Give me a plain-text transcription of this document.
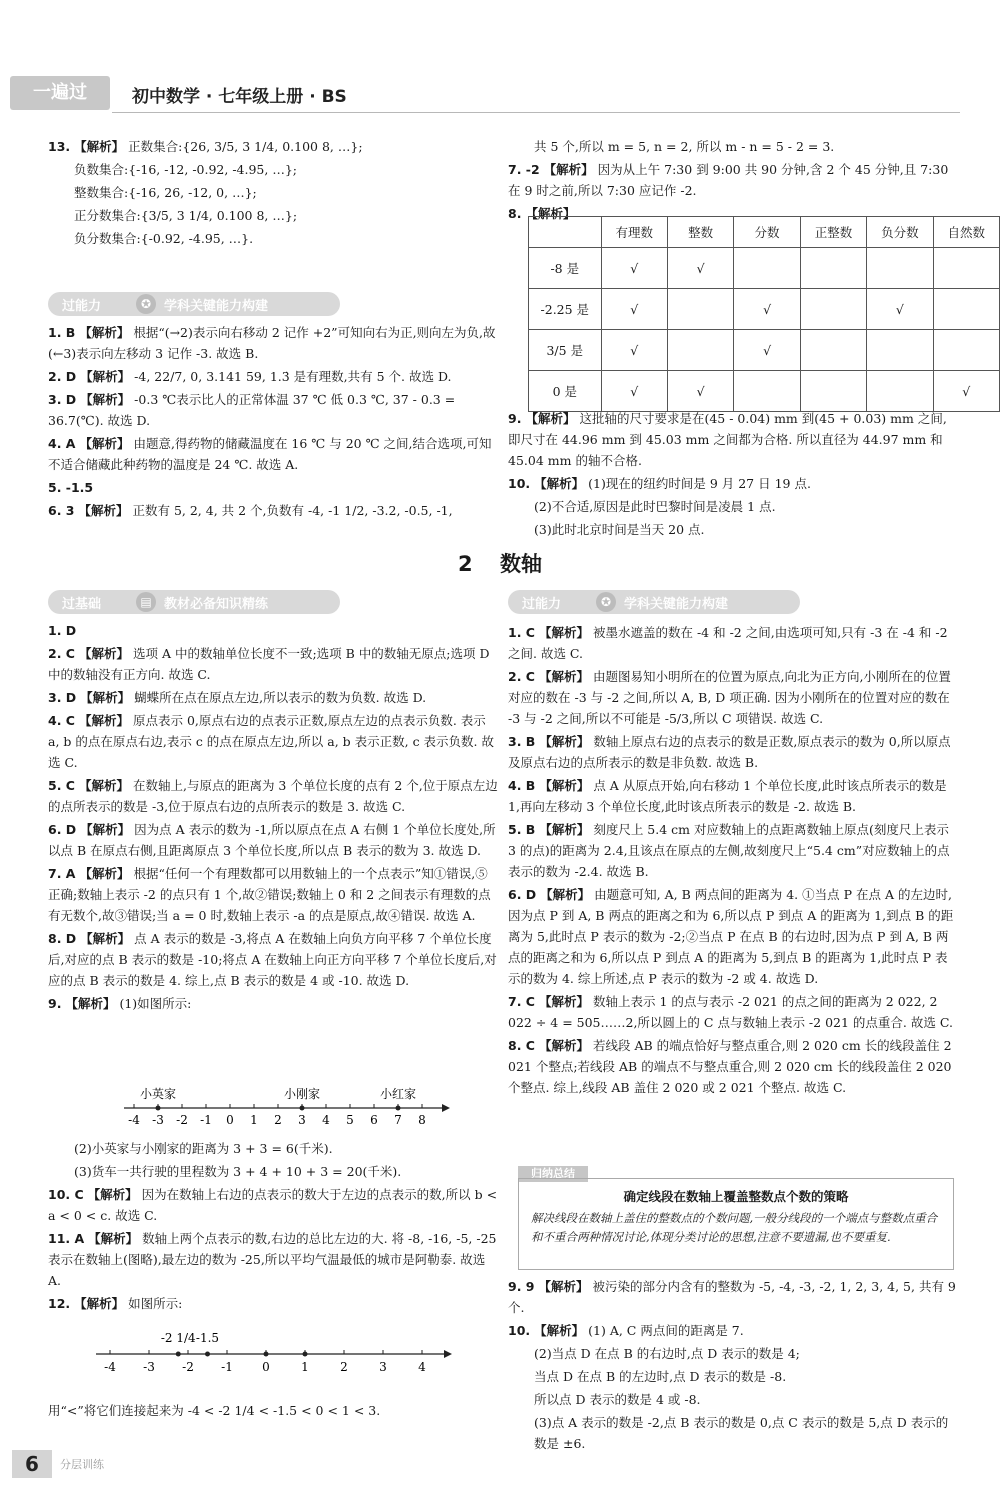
一遍过	初中数学 · 七年级上册 · BS
13. 【解析】 正数集合:{26, 3/5, 3 1/4, 0.100 8, …};
负数集合:{-16, -12, -0.92, -4.95̇, …};
整数集合:{-16, 26, -12, 0, …};
正分数集合:{3/5, 3 1/4, 0.100 8, …};
负分数集合:{-0.92, -4.95̇, …}.
过能力	✪ 学科关键能力构建
1. B 【解析】 根据“(→2)表示向右移动 2 记作 +2”可知向右为正,则向左为负,故(←3)表示向左移动 3 记作 -3. 故选 B.
2. D 【解析】 -4, 22/7, 0, 3.141 59, 1.3̇ 是有理数,共有 5 个. 故选 D.
3. D 【解析】 -0.3 ℃表示比人的正常体温 37 ℃ 低 0.3 ℃, 37 - 0.3 = 36.7(℃). 故选 D.
4. A 【解析】 由题意,得药物的储藏温度在 16 ℃ 与 20 ℃ 之间,结合选项,可知不适合储藏此种药物的温度是 24 ℃. 故选 A.
5. -1.5
6. 3 【解析】 正数有 5, 2, 4, 共 2 个,负数有 -4, -1 1/2, -3.2, -0.5, -1,
共 5 个,所以 m = 5, n = 2, 所以 m - n = 5 - 2 = 3.
7. -2 【解析】 因为从上午 7:30 到 9:00 共 90 分钟,含 2 个 45 分钟,且 7:30 在 9 时之前,所以 7:30 应记作 -2.
8. 【解析】
	有理数	整数	分数	正整数	负分数	自然数
-8 是	√	√				
-2.25 是	√		√		√	
3/5 是	√		√			
0 是	√	√				√
9. 【解析】 这批轴的尺寸要求是在(45 - 0.04) mm 到(45 + 0.03) mm 之间,即尺寸在 44.96 mm 到 45.03 mm 之间都为合格. 所以直径为 44.97 mm 和 45.04 mm 的轴不合格.
10. 【解析】 (1)现在的纽约时间是 9 月 27 日 19 点.
(2)不合适,原因是此时巴黎时间是凌晨 1 点.
(3)此时北京时间是当天 20 点.
2 数轴
过基础	▤ 教材必备知识精练	过能力	✪ 学科关键能力构建
1. D
2. C 【解析】 选项 A 中的数轴单位长度不一致;选项 B 中的数轴无原点;选项 D 中的数轴没有正方向. 故选 C.
3. D 【解析】 蝴蝶所在点在原点左边,所以表示的数为负数. 故选 D.
4. C 【解析】 原点表示 0,原点右边的点表示正数,原点左边的点表示负数. 表示 a, b 的点在原点右边,表示 c 的点在原点左边,所以 a, b 表示正数, c 表示负数. 故选 C.
5. C 【解析】 在数轴上,与原点的距离为 3 个单位长度的点有 2 个,位于原点左边的点所表示的数是 -3,位于原点右边的点所表示的数是 3. 故选 C.
6. D 【解析】 因为点 A 表示的数为 -1,所以原点在点 A 右侧 1 个单位长度处,所以点 B 在原点右侧,且距离原点 3 个单位长度,所以点 B 表示的数为 3. 故选 D.
7. A 【解析】 根据“任何一个有理数都可以用数轴上的一个点表示”知①错误,⑤正确;数轴上表示 -2 的点只有 1 个,故②错误;数轴上 0 和 2 之间表示有理数的点有无数个,故③错误;当 a = 0 时,数轴上表示 -a 的点是原点,故④错误. 故选 A.
8. D 【解析】 点 A 表示的数是 -3,将点 A 在数轴上向负方向平移 7 个单位长度后,对应的点 B 表示的数是 -10;将点 A 在数轴上向正方向平移 7 个单位长度后,对应的点 B 表示的数是 4. 综上,点 B 表示的数是 4 或 -10. 故选 D.
9. 【解析】 (1)如图所示:
-4 -3 -2 -1 0 1 2 3 4 5 6 7 8
小英家	小刚家	小红家
(2)小英家与小刚家的距离为 3 + 3 = 6(千米).
(3)货车一共行驶的里程数为 3 + 4 + 10 + 3 = 20(千米).
10. C 【解析】 因为在数轴上右边的点表示的数大于左边的点表示的数,所以 b < a < 0 < c. 故选 C.
11. A 【解析】 数轴上两个点表示的数,右边的总比左边的大. 将 -8, -16, -5, -25 表示在数轴上(图略),最左边的数为 -25,所以平均气温最低的城市是阿勒泰. 故选 A.
12. 【解析】 如图所示:
-4 -3 -2 -1 0	1	2	3	4
-2 1/4 -1.5
用“<”将它们连接起来为 -4 < -2 1/4 < -1.5 < 0 < 1 < 3.
1. C 【解析】 被墨水遮盖的数在 -4 和 -2 之间,由选项可知,只有 -3 在 -4 和 -2 之间. 故选 C.
2. C 【解析】 由题图易知小明所在的位置为原点,向北为正方向,小刚所在的位置对应的数在 -3 与 -2 之间,所以 A, B, D 项正确. 因为小刚所在的位置对应的数在 -3 与 -2 之间,所以不可能是 -5/3,所以 C 项错误. 故选 C.
3. B 【解析】 数轴上原点右边的点表示的数是正数,原点表示的数为 0,所以原点及原点右边的点所表示的数是非负数. 故选 B.
4. B 【解析】 点 A 从原点开始,向右移动 1 个单位长度,此时该点所表示的数是 1,再向左移动 3 个单位长度,此时该点所表示的数是 -2. 故选 B.
5. B 【解析】 刻度尺上 5.4 cm 对应数轴上的点距离数轴上原点(刻度尺上表示 3 的点)的距离为 2.4,且该点在原点的左侧,故刻度尺上“5.4 cm”对应数轴上的点表示的数为 -2.4. 故选 B.
6. D 【解析】 由题意可知, A, B 两点间的距离为 4. ①当点 P 在点 A 的左边时,因为点 P 到 A, B 两点的距离之和为 6,所以点 P 到点 A 的距离为 1,到点 B 的距离为 5,此时点 P 表示的数为 -2;②当点 P 在点 B 的右边时,因为点 P 到 A, B 两点的距离之和为 6,所以点 P 到点 A 的距离为 5,到点 B 的距离为 1,此时点 P 表示的数为 4. 综上所述,点 P 表示的数为 -2 或 4. 故选 D.
7. C 【解析】 数轴上表示 1 的点与表示 -2 021 的点之间的距离为 2 022, 2 022 ÷ 4 = 505……2,所以圆上的 C 点与数轴上表示 -2 021 的点重合. 故选 C.
8. C 【解析】 若线段 AB 的端点恰好与整点重合,则 2 020 cm 长的线段盖住 2 021 个整点;若线段 AB 的端点不与整点重合,则 2 020 cm 长的线段盖住 2 020 个整点. 综上,线段 AB 盖住 2 020 或 2 021 个整点. 故选 C.
归纳总结
确定线段在数轴上覆盖整数点个数的策略
解决线段在数轴上盖住的整数点的个数问题,一般分线段的一个端点与整数点重合和不重合两种情况讨论,体现分类讨论的思想,注意不要遗漏,也不要重复.
9. 9 【解析】 被污染的部分内含有的整数为 -5, -4, -3, -2, 1, 2, 3, 4, 5, 共有 9 个.
10. 【解析】 (1) A, C 两点间的距离是 7.
(2)当点 D 在点 B 的右边时,点 D 表示的数是 4;
当点 D 在点 B 的左边时,点 D 表示的数是 -8.
所以点 D 表示的数是 4 或 -8.
(3)点 A 表示的数是 -2,点 B 表示的数是 0,点 C 表示的数是 5,点 D 表示的数是 ±6.
6	分层训练
